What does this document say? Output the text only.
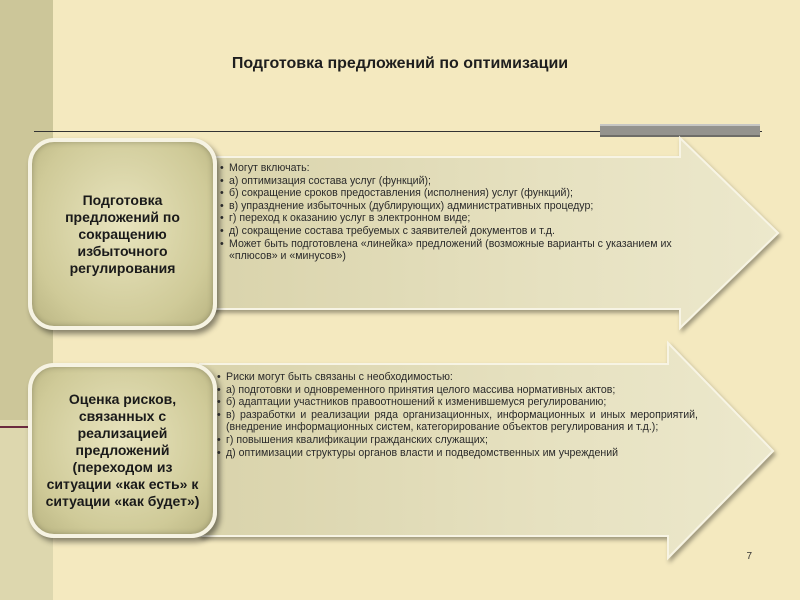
Подготовка предложений по оптимизации
Подготовка предложений по сокращению избыточного регулирования
• Могут включать:
• а) оптимизация состава услуг (функций);
• б) сокращение сроков предоставления (исполнения) услуг (функций);
• в) упразднение избыточных (дублирующих) административных процедур;
• г) переход к оказанию услуг в электронном виде;
• д) сокращение состава требуемых с заявителей документов и т.д.
• Может быть подготовлена «линейка» предложений (возможные варианты с указанием их «плюсов» и «минусов»)
Оценка рисков, связанных с реализацией предложений (переходом из ситуации «как есть» к ситуации «как будет»)
• Риски могут быть связаны с необходимостью:
• а) подготовки и одновременного принятия целого массива нормативных актов;
• б) адаптации участников правоотношений к изменившемуся регулированию;
• в) разработки и реализации ряда организационных, информационных и иных мероприятий, (внедрение информационных систем, категорирование объектов регулирования и т.д.);
• г) повышения квалификации гражданских служащих;
• д) оптимизации структуры органов власти и подведомственных им учреждений
7
